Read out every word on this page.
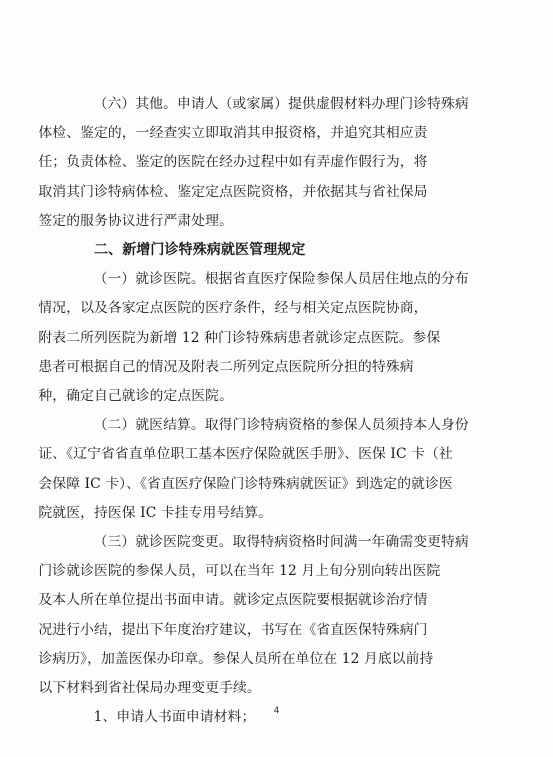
（六）其他。申请人（或家属）提供虚假材料办理门诊特殊病
体检、鉴定的，一经查实立即取消其申报资格，并追究其相应责
任；负责体检、鉴定的医院在经办过程中如有弄虚作假行为，将
取消其门诊特病体检、鉴定定点医院资格，并依据其与省社保局
签定的服务协议进行严肃处理。

二、新增门诊特殊病就医管理规定

（一）就诊医院。根据省直医疗保险参保人员居住地点的分布
情况，以及各家定点医院的医疗条件，经与相关定点医院协商，
附表二所列医院为新增 12 种门诊特殊病患者就诊定点医院。参保
患者可根据自己的情况及附表二所列定点医院所分担的特殊病
种，确定自己就诊的定点医院。

（二）就医结算。取得门诊特病资格的参保人员须持本人身份
证、《辽宁省省直单位职工基本医疗保险就医手册》、医保 IC 卡（社
会保障 IC 卡）、《省直医疗保险门诊特殊病就医证》到选定的就诊医
院就医，持医保 IC 卡挂专用号结算。

（三）就诊医院变更。取得特病资格时间满一年确需变更特病
门诊就诊医院的参保人员，可以在当年 12 月上旬分别向转出医院
及本人所在单位提出书面申请。就诊定点医院要根据就诊治疗情
况进行小结，提出下年度治疗建议，书写在《省直医保特殊病门
诊病历》，加盖医保办印章。参保人员所在单位在 12 月底以前持
以下材料到省社保局办理变更手续。

1、申请人书面申请材料；	4
